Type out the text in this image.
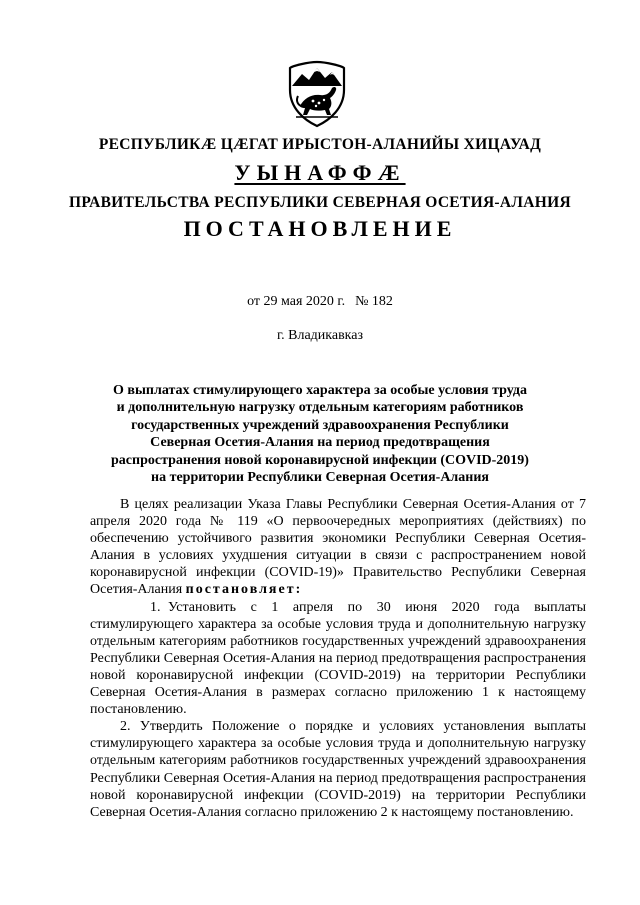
РЕСПУБЛИКӔ ЦӔГАТ ИРЫСТОН-АЛАНИЙЫ ХИЦАУАД
УЫНАФФӔ
ПРАВИТЕЛЬСТВА РЕСПУБЛИКИ СЕВЕРНАЯ ОСЕТИЯ-АЛАНИЯ
ПОСТАНОВЛЕНИЕ
от 29 мая 2020 г. № 182
г. Владикавказ
О выплатах стимулирующего характера за особые условия труда и дополнительную нагрузку отдельным категориям работников государственных учреждений здравоохранения Республики Северная Осетия-Алания на период предотвращения распространения новой коронавирусной инфекции (COVID-2019) на территории Республики Северная Осетия-Алания

В целях реализации Указа Главы Республики Северная Осетия-Алания от 7 апреля 2020 года № 119 «О первоочередных мероприятиях (действиях) по обеспечению устойчивого развития экономики Республики Северная Осетия-Алания в условиях ухудшения ситуации в связи с распространением новой коронавирусной инфекции (COVID-19)» Правительство Республики Северная Осетия-Алания постановляет:

1. Установить с 1 апреля по 30 июня 2020 года выплаты стимулирующего характера за особые условия труда и дополнительную нагрузку отдельным категориям работников государственных учреждений здравоохранения Республики Северная Осетия-Алания на период предотвращения распространения новой коронавирусной инфекции (COVID-2019) на территории Республики Северная Осетия-Алания в размерах согласно приложению 1 к настоящему постановлению.

2. Утвердить Положение о порядке и условиях установления выплаты стимулирующего характера за особые условия труда и дополнительную нагрузку отдельным категориям работников государственных учреждений здравоохранения Республики Северная Осетия-Алания на период предотвращения распространения новой коронавирусной инфекции (COVID-2019) на территории Республики Северная Осетия-Алания согласно приложению 2 к настоящему постановлению.
